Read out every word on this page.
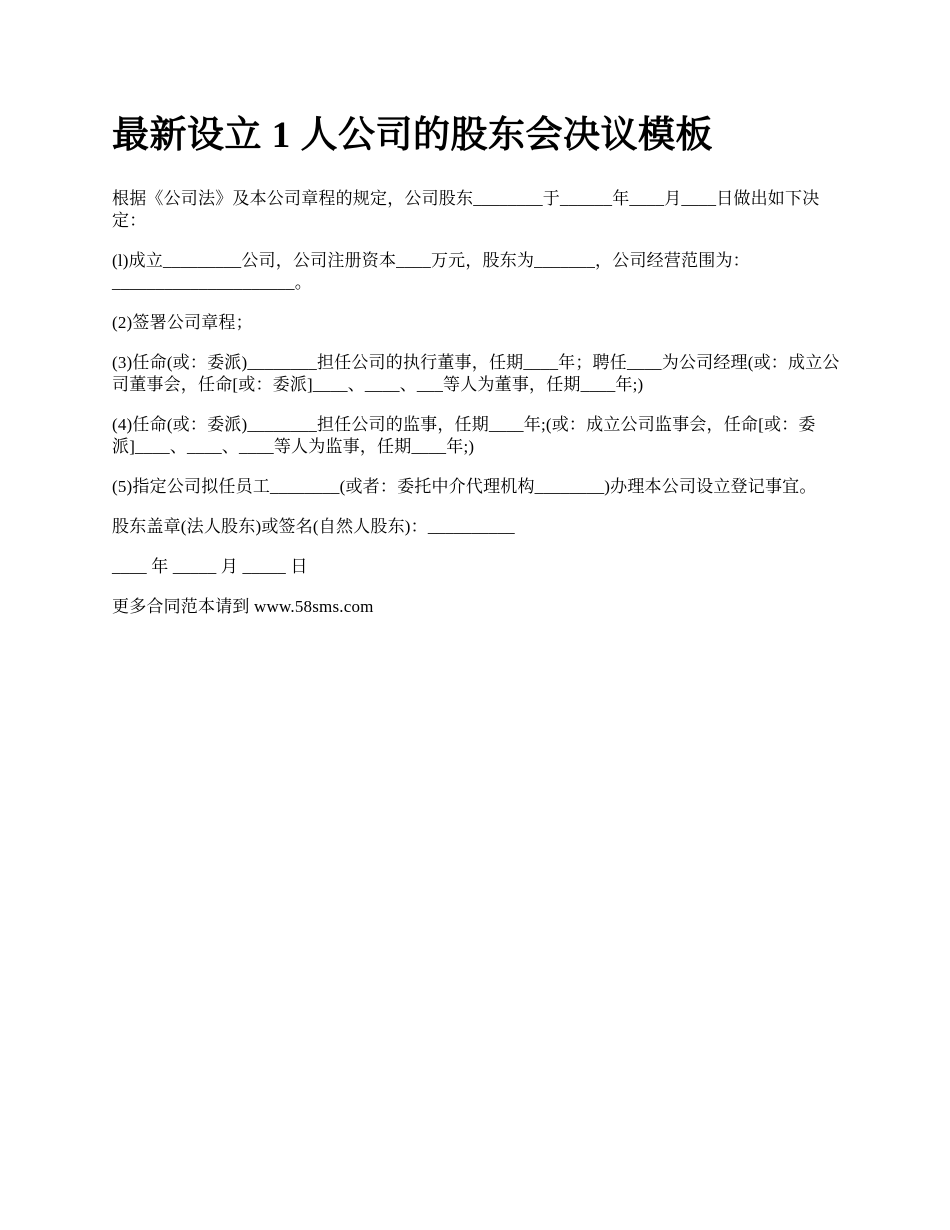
最新设立 1 人公司的股东会决议模板

根据《公司法》及本公司章程的规定，公司股东________于______年____月____日做出如下决定：

(l)成立_________公司，公司注册资本____万元，股东为_______，公司经营范围为：_____________________。

(2)签署公司章程；

(3)任命(或：委派)________担任公司的执行董事，任期____年；聘任____为公司经理(或：成立公司董事会，任命[或：委派]____、____、___等人为董事，任期____年;)

(4)任命(或：委派)________担任公司的监事，任期____年;(或：成立公司监事会，任命[或：委派]____、____、____等人为监事，任期____年;)

(5)指定公司拟任员工________(或者：委托中介代理机构________)办理本公司设立登记事宜。

股东盖章(法人股东)或签名(自然人股东)：__________

____ 年 _____ 月 _____ 日

更多合同范本请到 www.58sms.com
